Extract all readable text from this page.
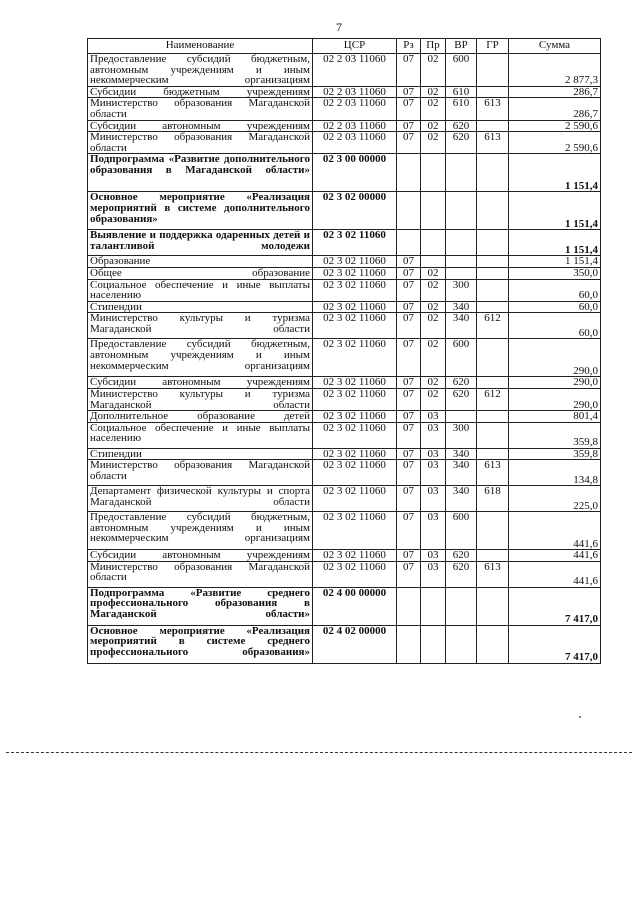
7
Наименование	ЦСР	Рз	Пр	ВР	ГР	Сумма
Предоставление субсидий бюджетным, автономным учреждениям и иным некоммерческим организациям	02 2 03 11060	07	02	600		2 877,3
Субсидии бюджетным учреждениям	02 2 03 11060	07	02	610		286,7
Министерство образования Магаданской области	02 2 03 11060	07	02	610	613	286,7
Субсидии автономным учреждениям	02 2 03 11060	07	02	620		2 590,6
Министерство образования Магаданской области	02 2 03 11060	07	02	620	613	2 590,6
Подпрограмма «Развитие дополнительного образования в Магаданской области»	02 3 00 00000					1 151,4
Основное мероприятие «Реализация мероприятий в системе дополнительного образования»	02 3 02 00000					1 151,4
Выявление и поддержка одаренных детей и талантливой молодежи	02 3 02 11060					1 151,4
Образование	02 3 02 11060	07				1 151,4
Общее образование	02 3 02 11060	07	02			350,0
Социальное обеспечение и иные выплаты населению	02 3 02 11060	07	02	300		60,0
Стипендии	02 3 02 11060	07	02	340		60,0
Министерство культуры и туризма Магаданской области	02 3 02 11060	07	02	340	612	60,0
Предоставление субсидий бюджетным, автономным учреждениям и иным некоммерческим организациям	02 3 02 11060	07	02	600		290,0
Субсидии автономным учреждениям	02 3 02 11060	07	02	620		290,0
Министерство культуры и туризма Магаданской области	02 3 02 11060	07	02	620	612	290,0
Дополнительное образование детей	02 3 02 11060	07	03			801,4
Социальное обеспечение и иные выплаты населению	02 3 02 11060	07	03	300		359,8
Стипендии	02 3 02 11060	07	03	340		359,8
Министерство образования Магаданской области	02 3 02 11060	07	03	340	613	134,8
Департамент физической культуры и спорта Магаданской области	02 3 02 11060	07	03	340	618	225,0
Предоставление субсидий бюджетным, автономным учреждениям и иным некоммерческим организациям	02 3 02 11060	07	03	600		441,6
Субсидии автономным учреждениям	02 3 02 11060	07	03	620		441,6
Министерство образования Магаданской области	02 3 02 11060	07	03	620	613	441,6
Подпрограмма «Развитие среднего профессионального образования в Магаданской области»	02 4 00 00000					7 417,0
Основное мероприятие «Реализация мероприятий в системе среднего профессионального образования»	02 4 02 00000					7 417,0
